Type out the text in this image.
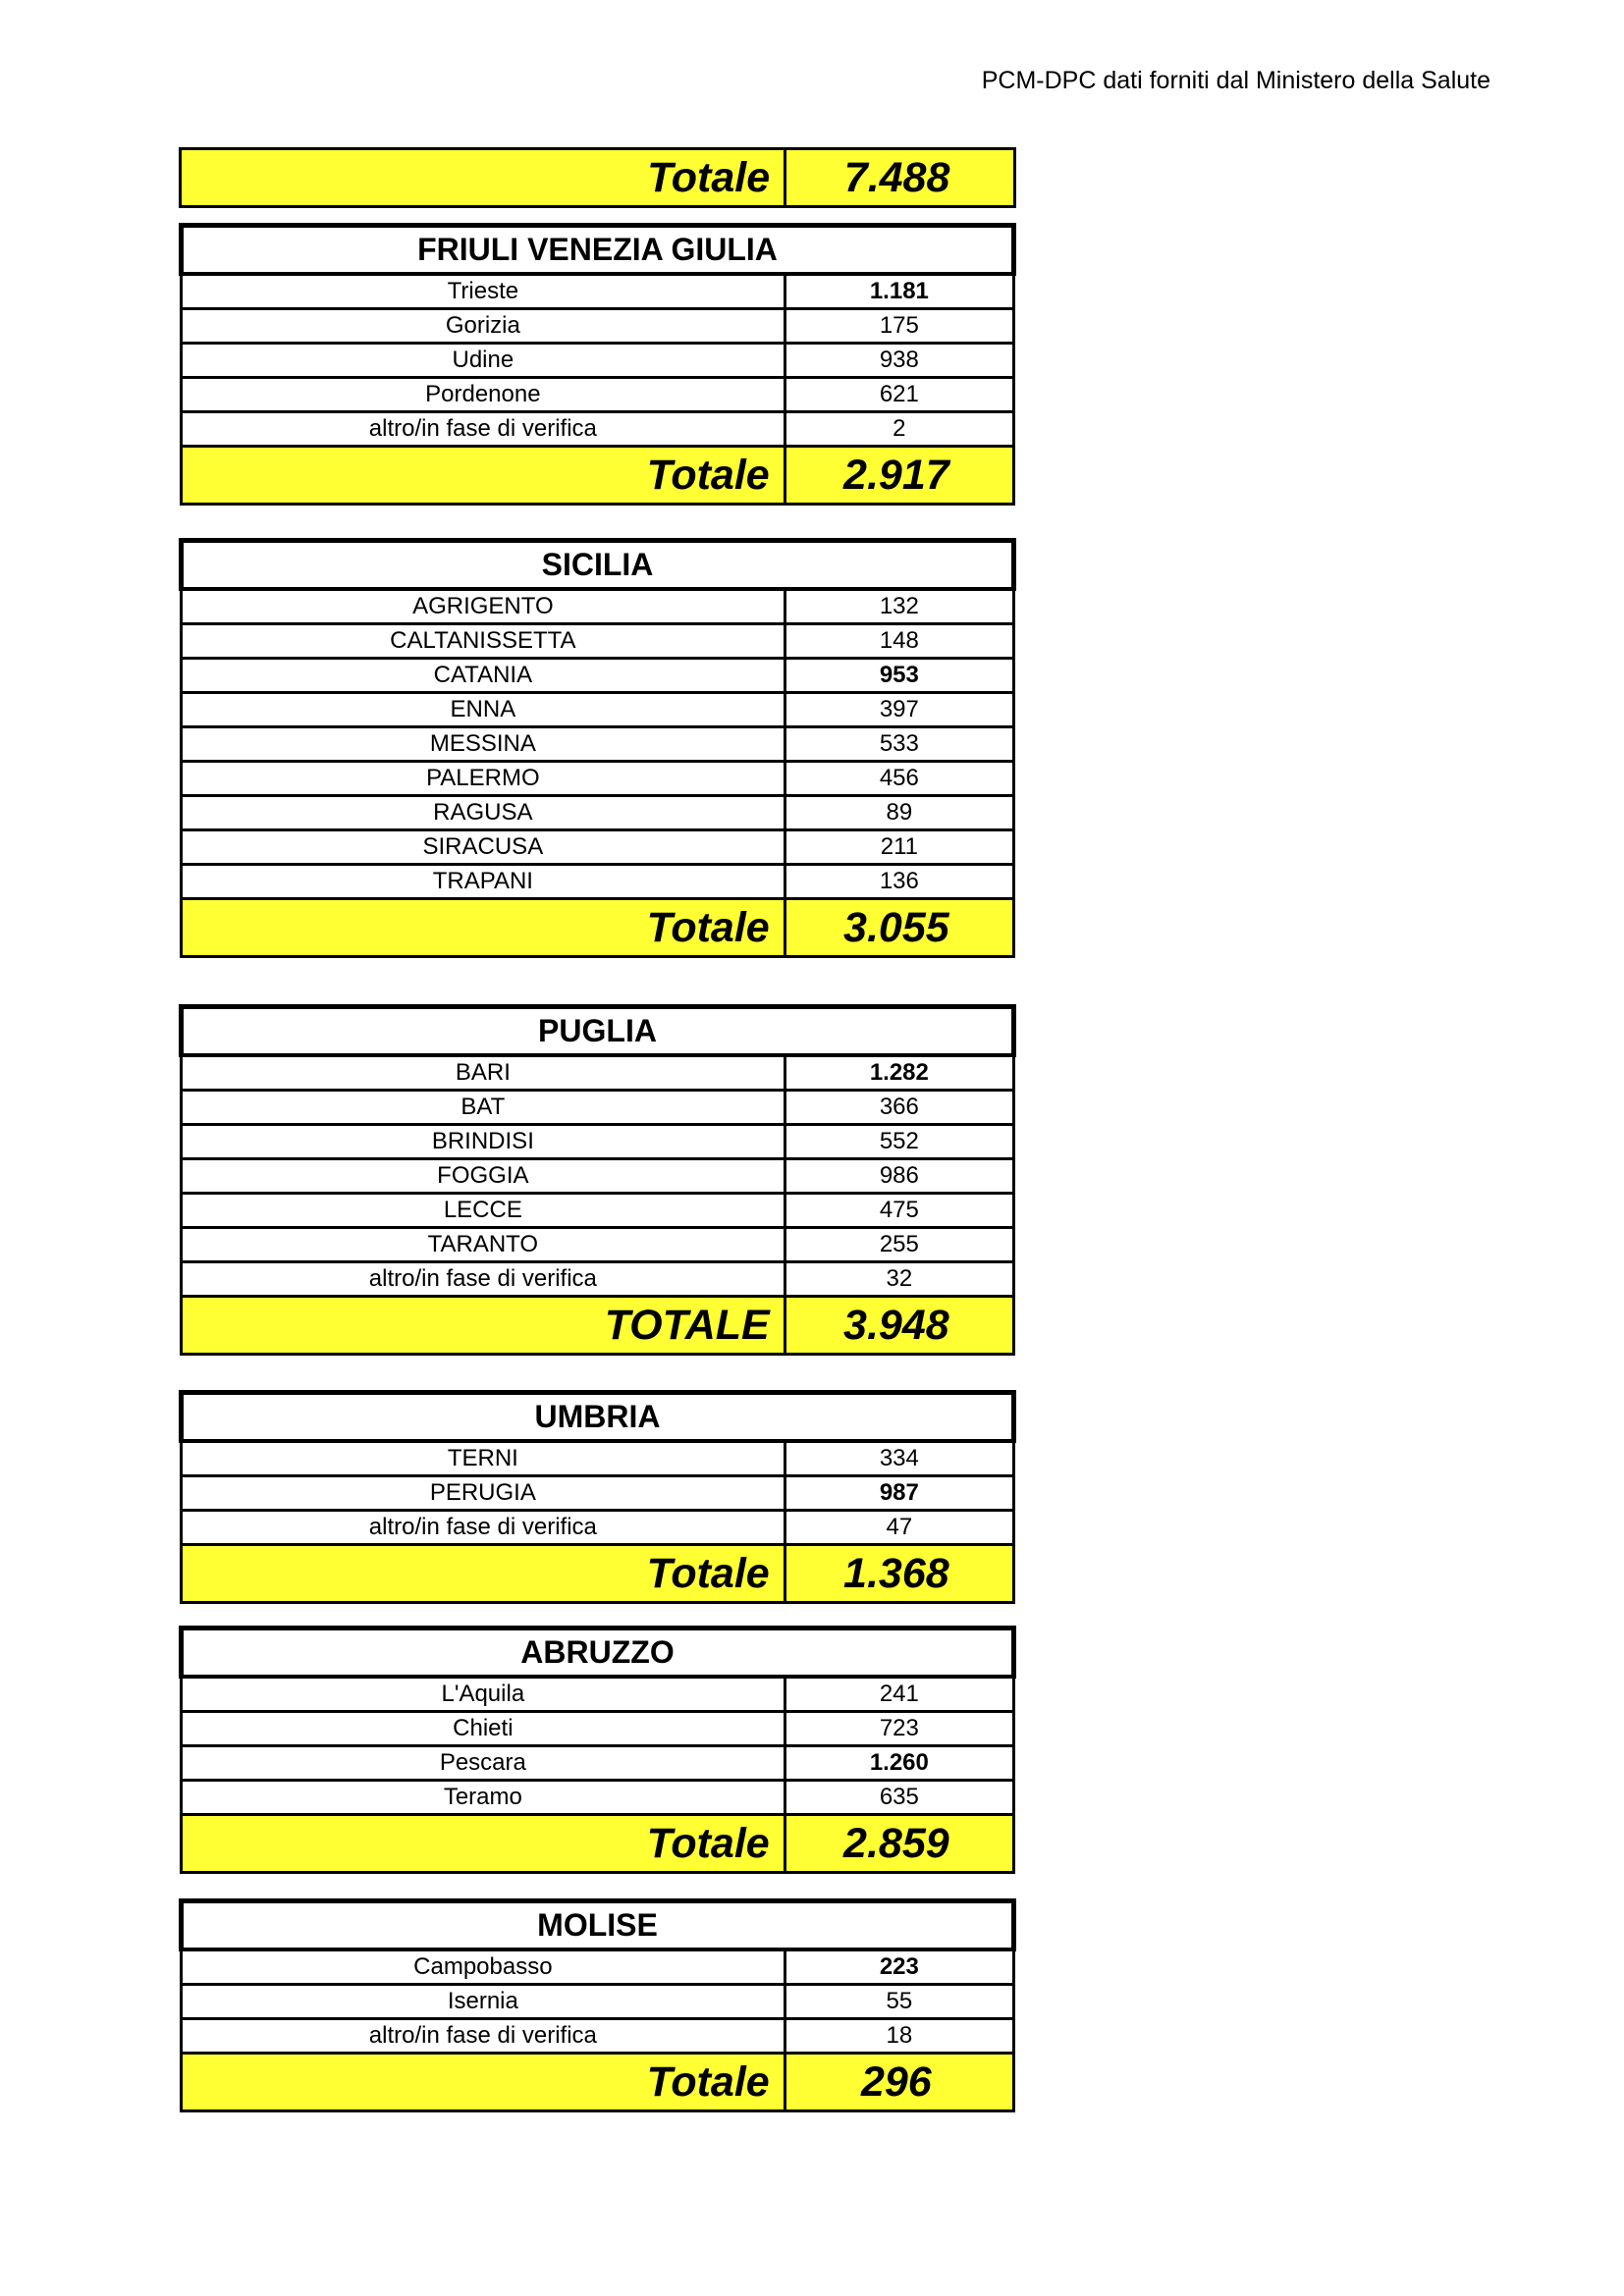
PCM-DPC dati forniti dal Ministero della Salute
Totale	7.488
FRIULI VENEZIA GIULIA	
Trieste	1.181
Gorizia	175
Udine	938
Pordenone	621
altro/in fase di verifica	2
Totale	2.917
SICILIA	
AGRIGENTO	132
CALTANISSETTA	148
CATANIA	953
ENNA	397
MESSINA	533
PALERMO	456
RAGUSA	89
SIRACUSA	211
TRAPANI	136
Totale	3.055
PUGLIA	
BARI	1.282
BAT	366
BRINDISI	552
FOGGIA	986
LECCE	475
TARANTO	255
altro/in fase di verifica	32
TOTALE	3.948
UMBRIA	
TERNI	334
PERUGIA	987
altro/in fase di verifica	47
Totale	1.368
ABRUZZO	
L'Aquila	241
Chieti	723
Pescara	1.260
Teramo	635
Totale	2.859
MOLISE	
Campobasso	223
Isernia	55
altro/in fase di verifica	18
Totale	296
